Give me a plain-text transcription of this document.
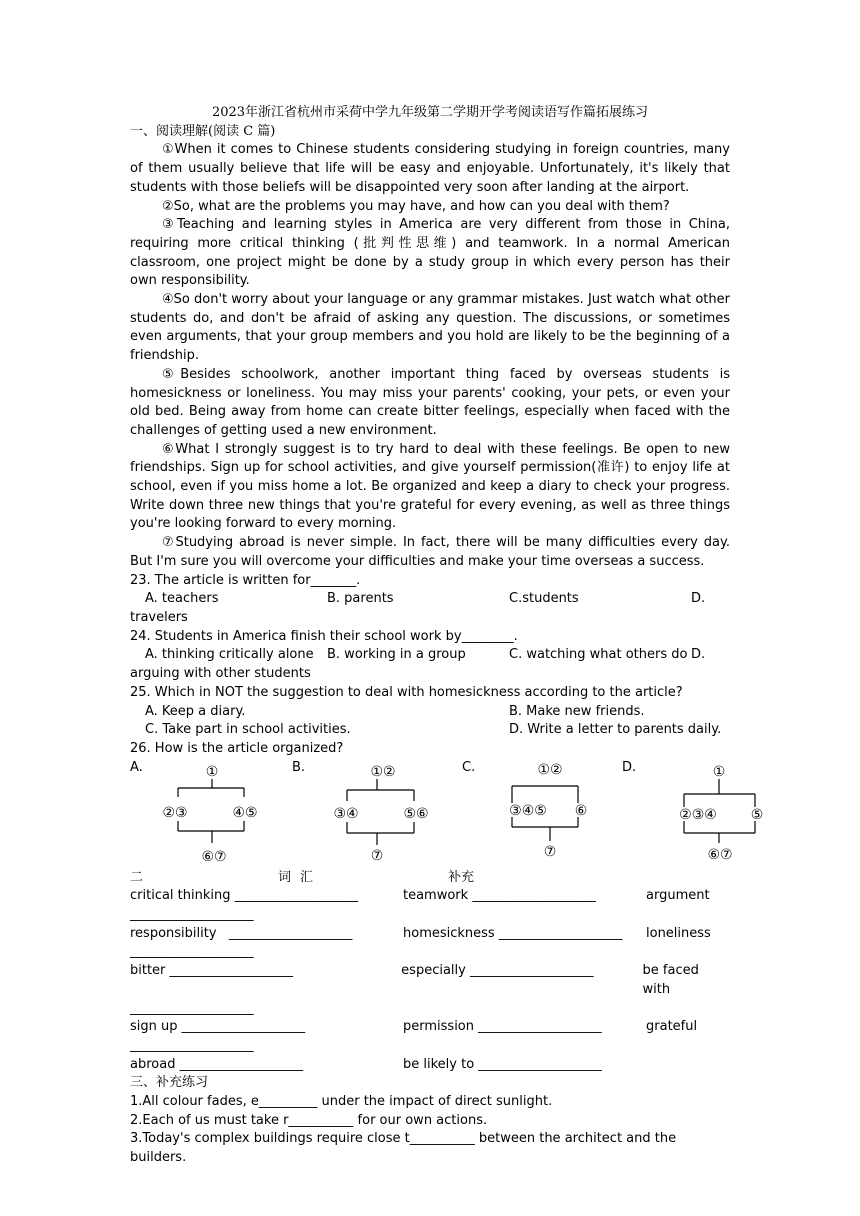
2023年浙江省杭州市采荷中学九年级第二学期开学考阅读语写作篇拓展练习

一、阅读理解(阅读 C 篇)

①When it comes to Chinese students considering studying in foreign countries, many of them usually believe that life will be easy and enjoyable. Unfortunately, it's likely that students with those beliefs will be disappointed very soon after landing at the airport.

②So, what are the problems you may have, and how can you deal with them?

③Teaching and learning styles in America are very different from those in China, requiring more critical thinking (批判性思维) and teamwork. In a normal American classroom, one project might be done by a study group in which every person has their own responsibility.

④So don't worry about your language or any grammar mistakes. Just watch what other students do, and don't be afraid of asking any question. The discussions, or sometimes even arguments, that your group members and you hold are likely to be the beginning of a friendship.

⑤Besides schoolwork, another important thing faced by overseas students is homesickness or loneliness. You may miss your parents' cooking, your pets, or even your old bed. Being away from home can create bitter feelings, especially when faced with the challenges of getting used a new environment.

⑥What I strongly suggest is to try hard to deal with these feelings. Be open to new friendships. Sign up for school activities, and give yourself permission(准许) to enjoy life at school, even if you miss home a lot. Be organized and keep a diary to check your progress. Write down three new things that you're grateful for every evening, as well as three things you're looking forward to every morning.

⑦Studying abroad is never simple. In fact, there will be many difficulties every day. But I'm sure you will overcome your difficulties and make your time overseas a success.

23. The article is written for_______.

A. teachers	B. parents	C.students	D.

travelers

24. Students in America finish their school work by________.

A. thinking critically alone	B. working in a group	C. watching what others do D.

arguing with other students

25. Which in NOT the suggestion to deal with homesickness according to the article?

A. Keep a diary.	B. Make new friends.
C. Take part in school activities.	D. Write a letter to parents daily.

26. How is the article organized?

A.	B.	C.	D.
①
②③	④⑤
⑥⑦
①②
③④	⑤⑥
⑦
①②
③④⑤ ⑥
⑦
①
②③④ ⑤
⑥⑦
二	词 汇	补充
critical thinking ___________________	teamwork ___________________	argument
___________________
responsibility   ___________________	homesickness ___________________	loneliness
___________________
bitter ___________________	especially ___________________	be faced with
___________________
sign up ___________________	permission ___________________	grateful
___________________
abroad ___________________	be likely to ___________________

三、补充练习

1.All colour fades, e_________ under the impact of direct sunlight.

2.Each of us must take r__________ for our own actions.

3.Today's complex buildings require close t__________ between the architect and the builders.
